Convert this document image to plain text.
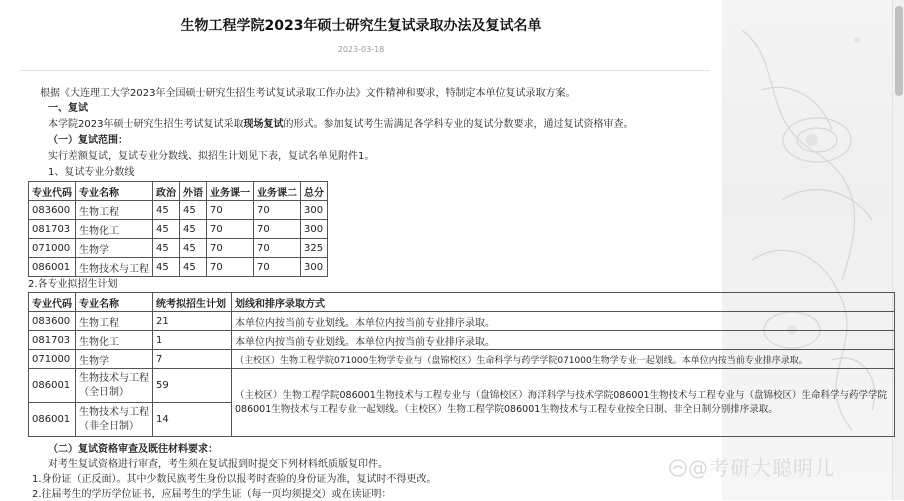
生物工程学院2023年硕士研究生复试录取办法及复试名单
2023-03-18
根据《大连理工大学2023年全国硕士研究生招生考试复试录取工作办法》文件精神和要求，特制定本单位复试录取方案。
一、复试
本学院2023年硕士研究生招生考试复试采取现场复试的形式。参加复试考生需满足各学科专业的复试分数要求，通过复试资格审查。
（一）复试范围：
实行差额复试，复试专业分数线、拟招生计划见下表，复试名单见附件1。
1、复试专业分数线
专业代码	专业名称	政治	外语	业务课一	业务课二	总分
083600	生物工程	45	45	70	70	300
081703	生物化工	45	45	70	70	300
071000	生物学	45	45	70	70	325
086001	生物技术与工程	45	45	70	70	300
2.各专业拟招生计划
专业代码	专业名称	统考拟招生计划	划线和排序录取方式
083600	生物工程	21	本单位内按当前专业划线。本单位内按当前专业排序录取。
081703	生物化工	1	本单位内按当前专业划线。本单位内按当前专业排序录取。
071000	生物学	7	（主校区）生物工程学院071000生物学专业与（盘锦校区）生命科学与药学学院071000生物学专业一起划线。本单位内按当前专业排序录取。
086001	生物技术与工程（全日制）	59	（主校区）生物工程学院086001生物技术与工程专业与（盘锦校区）海洋科学与技术学院086001生物技术与工程专业与（盘锦校区）生命科学与药学学院086001生物技术与工程专业一起划线。（主校区）生物工程学院086001生物技术与工程专业按全日制、非全日制分别排序录取。
086001	生物技术与工程（非全日制）	14	
（二）复试资格审查及既往材料要求：
对考生复试资格进行审查，考生须在复试报到时提交下列材料纸质版复印件。
1.身份证（正反面）。其中少数民族考生身份以报考时查验的身份证为准，复试时不得更改。
2.往届考生的学历学位证书，应届考生的学生证（每一页均须提交）或在读证明：
@考研大聪明儿
